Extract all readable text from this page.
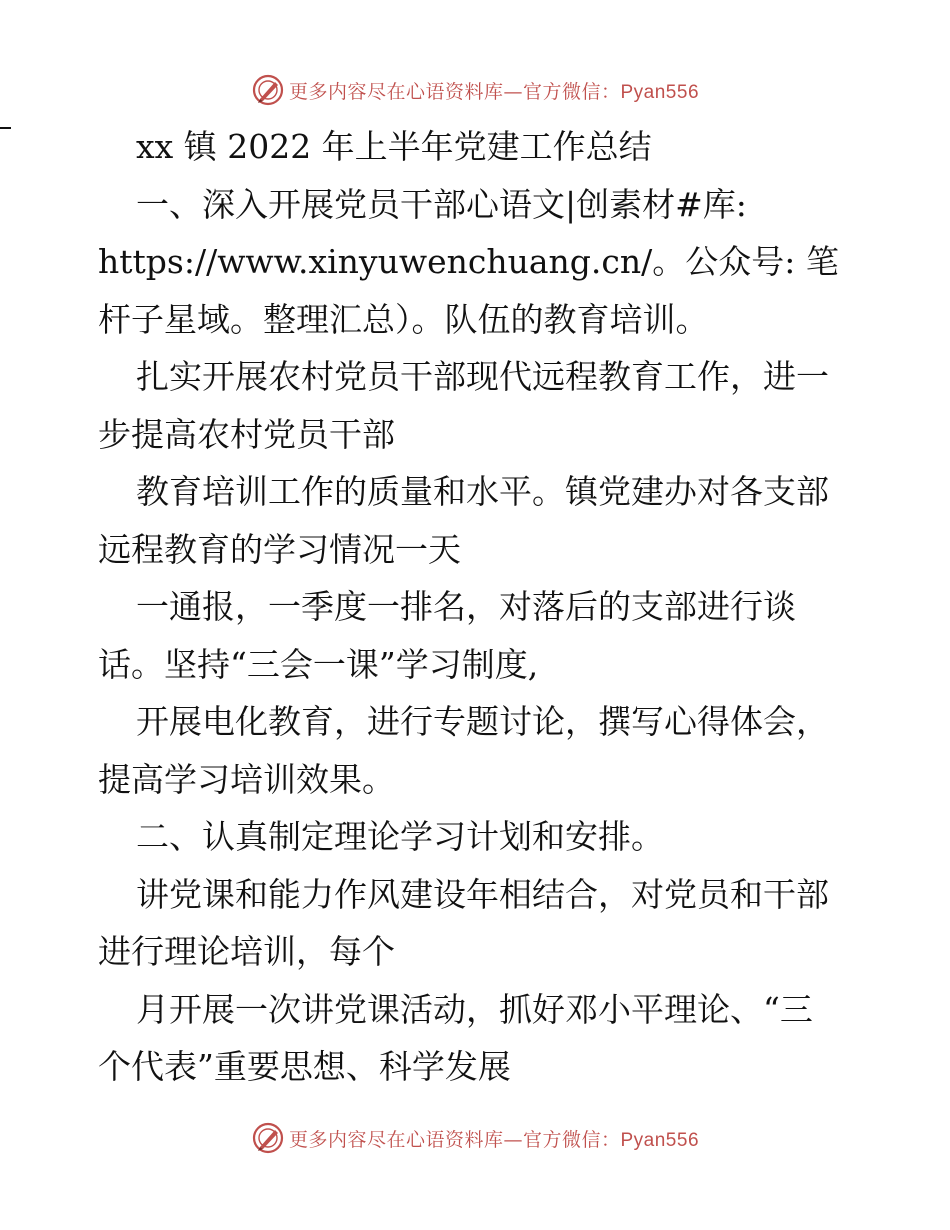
更多内容尽在心语资料库—官方微信：Pyan556
xx 镇 2022 年上半年党建工作总结
一、深入开展党员干部心语文|创素材#库:
https://www.xinyuwenchuang.cn/。公众号: 笔
杆子星域。整理汇总）。队伍的教育培训。
扎实开展农村党员干部现代远程教育工作，进一
步提高农村党员干部
教育培训工作的质量和水平。镇党建办对各支部
远程教育的学习情况一天
一通报，一季度一排名，对落后的支部进行谈
话。坚持“三会一课”学习制度,
开展电化教育，进行专题讨论，撰写心得体会，
提高学习培训效果。
二、认真制定理论学习计划和安排。
讲党课和能力作风建设年相结合，对党员和干部
进行理论培训，每个
月开展一次讲党课活动，抓好邓小平理论、“三
个代表”重要思想、科学发展
更多内容尽在心语资料库—官方微信：Pyan556
